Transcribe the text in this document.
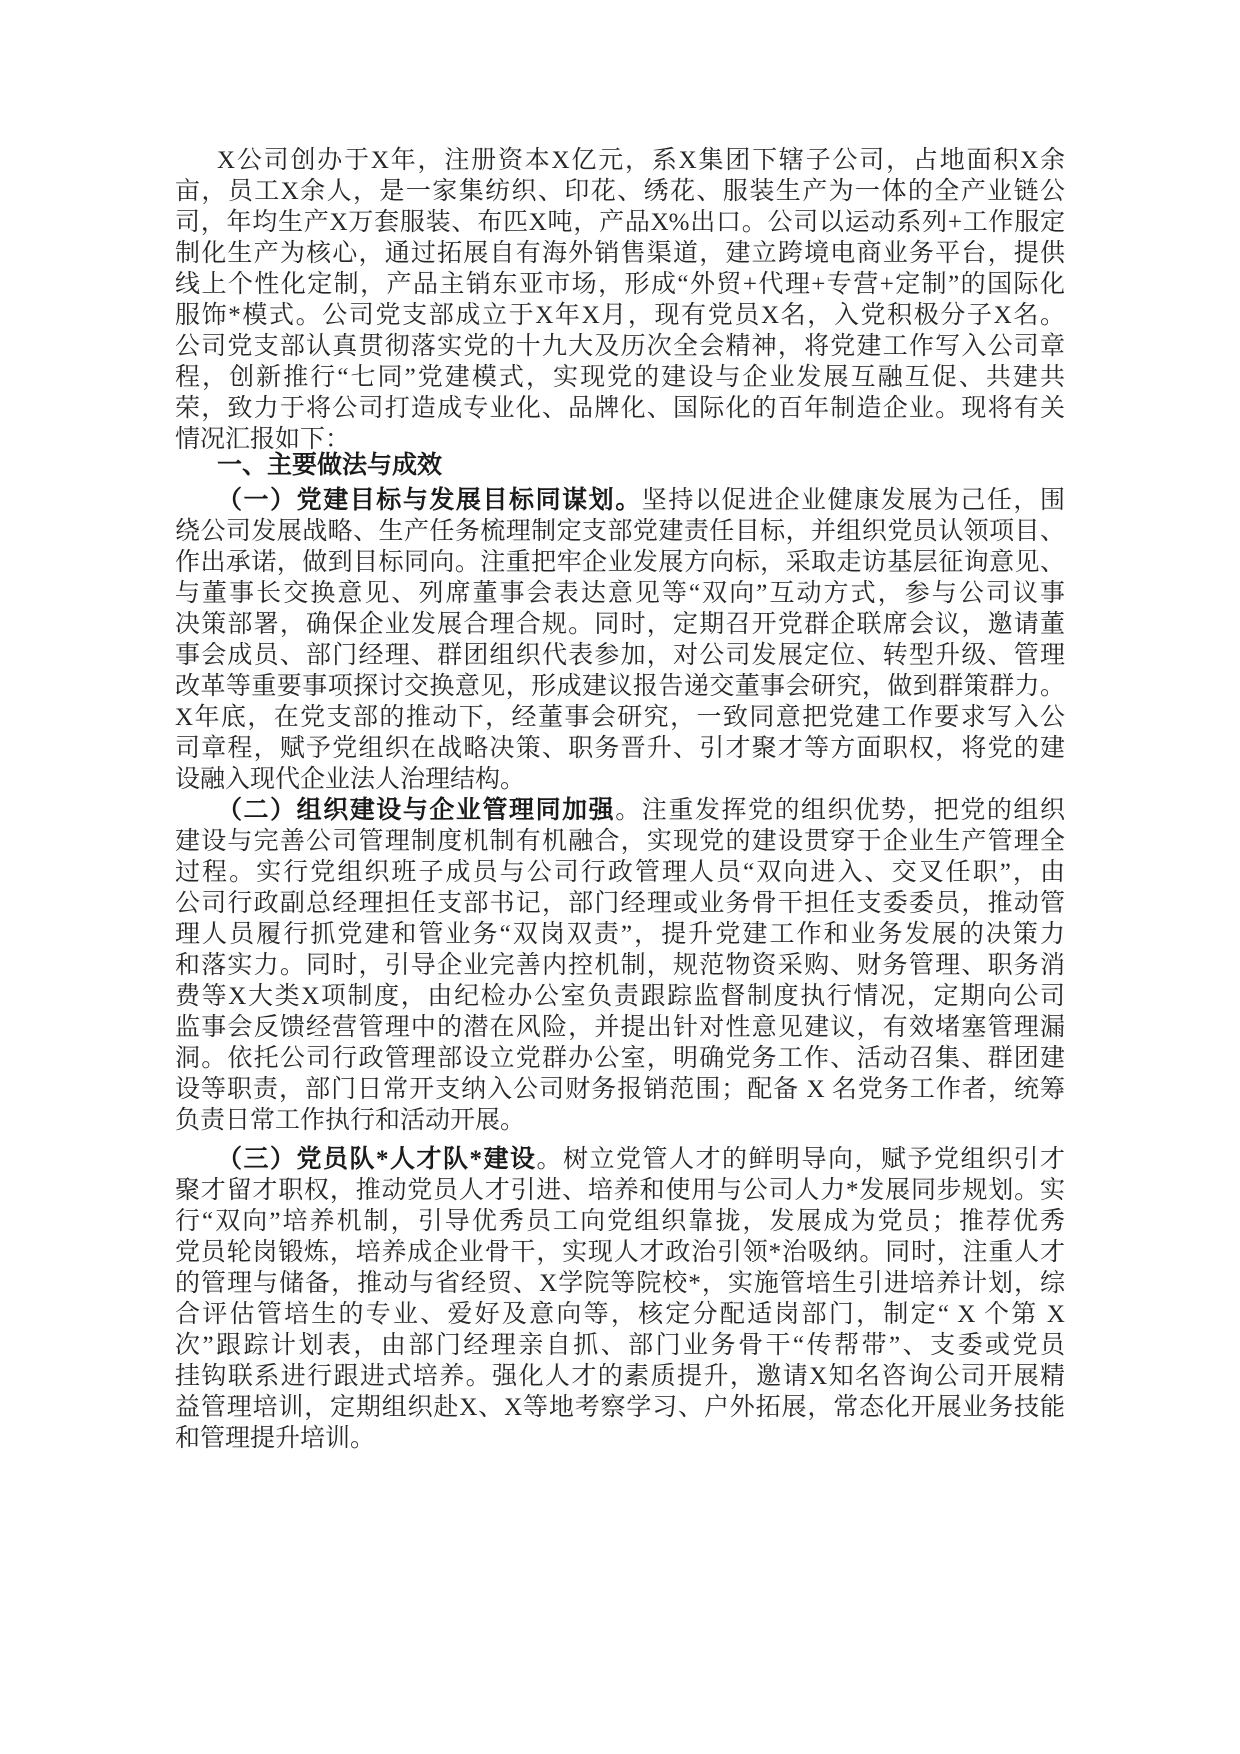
X公司创办于X年，注册资本X亿元，系X集团下辖子公司，占地面积X余
亩，员工X余人，是一家集纺织、印花、绣花、服装生产为一体的全产业链公
司，年均生产X万套服装、布匹X吨，产品X%出口。公司以运动系列+工作服定
制化生产为核心，通过拓展自有海外销售渠道，建立跨境电商业务平台，提供
线上个性化定制，产品主销东亚市场，形成“外贸+代理+专营+定制”的国际化
服饰*模式。公司党支部成立于X年X月，现有党员X名，入党积极分子X名。
公司党支部认真贯彻落实党的十九大及历次全会精神，将党建工作写入公司章
程，创新推行“七同”党建模式，实现党的建设与企业发展互融互促、共建共
荣，致力于将公司打造成专业化、品牌化、国际化的百年制造企业。现将有关
情况汇报如下：
一、主要做法与成效
（一）党建目标与发展目标同谋划。坚持以促进企业健康发展为己任，围
绕公司发展战略、生产任务梳理制定支部党建责任目标，并组织党员认领项目、
作出承诺，做到目标同向。注重把牢企业发展方向标，采取走访基层征询意见、
与董事长交换意见、列席董事会表达意见等“双向”互动方式，参与公司议事
决策部署，确保企业发展合理合规。同时，定期召开党群企联席会议，邀请董
事会成员、部门经理、群团组织代表参加，对公司发展定位、转型升级、管理
改革等重要事项探讨交换意见，形成建议报告递交董事会研究，做到群策群力。
X年底，在党支部的推动下，经董事会研究，一致同意把党建工作要求写入公
司章程，赋予党组织在战略决策、职务晋升、引才聚才等方面职权，将党的建
设融入现代企业法人治理结构。
（二）组织建设与企业管理同加强。注重发挥党的组织优势，把党的组织
建设与完善公司管理制度机制有机融合，实现党的建设贯穿于企业生产管理全
过程。实行党组织班子成员与公司行政管理人员“双向进入、交叉任职”，由
公司行政副总经理担任支部书记，部门经理或业务骨干担任支委委员，推动管
理人员履行抓党建和管业务“双岗双责”，提升党建工作和业务发展的决策力
和落实力。同时，引导企业完善内控机制，规范物资采购、财务管理、职务消
费等X大类X项制度，由纪检办公室负责跟踪监督制度执行情况，定期向公司
监事会反馈经营管理中的潜在风险，并提出针对性意见建议，有效堵塞管理漏
洞。依托公司行政管理部设立党群办公室，明确党务工作、活动召集、群团建
设等职责，部门日常开支纳入公司财务报销范围；配备 X 名党务工作者，统筹
负责日常工作执行和活动开展。
（三）党员队*人才队*建设。树立党管人才的鲜明导向，赋予党组织引才
聚才留才职权，推动党员人才引进、培养和使用与公司人力*发展同步规划。实
行“双向”培养机制，引导优秀员工向党组织靠拢，发展成为党员；推荐优秀
党员轮岗锻炼，培养成企业骨干，实现人才政治引领*治吸纳。同时，注重人才
的管理与储备，推动与省经贸、X学院等院校*，实施管培生引进培养计划，综
合评估管培生的专业、爱好及意向等，核定分配适岗部门，制定“ X 个第 X
次”跟踪计划表，由部门经理亲自抓、部门业务骨干“传帮带”、支委或党员
挂钩联系进行跟进式培养。强化人才的素质提升，邀请X知名咨询公司开展精
益管理培训，定期组织赴X、X等地考察学习、户外拓展，常态化开展业务技能
和管理提升培训。
